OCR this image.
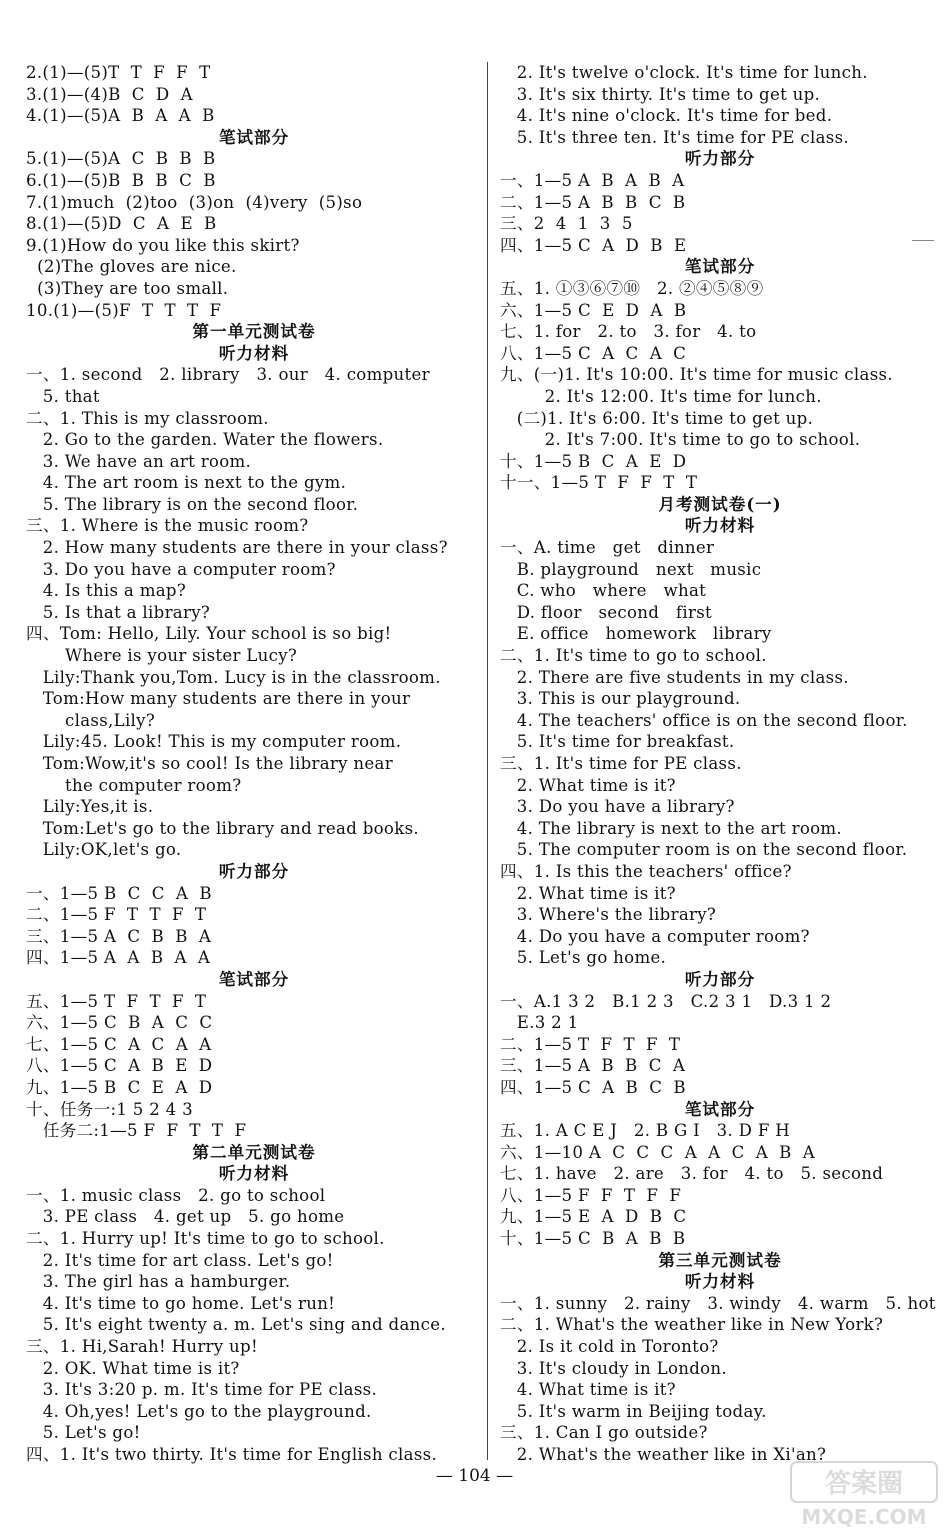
2.(1)—(5)T  T  F  F  T
3.(1)—(4)B  C  D  A
4.(1)—(5)A  B  A  A  B
笔试部分
5.(1)—(5)A  C  B  B  B
6.(1)—(5)B  B  B  C  B
7.(1)much  (2)too  (3)on  (4)very  (5)so
8.(1)—(5)D  C  A  E  B
9.(1)How do you like this skirt?
(2)The gloves are nice.
(3)They are too small.
10.(1)—(5)F  T  T  T  F
第一单元测试卷
听力材料
一、1. second   2. library   3. our   4. computer
5. that
二、1. This is my classroom.
2. Go to the garden. Water the flowers.
3. We have an art room.
4. The art room is next to the gym.
5. The library is on the second floor.
三、1. Where is the music room?
2. How many students are there in your class?
3. Do you have a computer room?
4. Is this a map?
5. Is that a library?
四、Tom: Hello, Lily. Your school is so big!
Where is your sister Lucy?
Lily:Thank you,Tom. Lucy is in the classroom.
Tom:How many students are there in your
class,Lily?
Lily:45. Look! This is my computer room.
Tom:Wow,it's so cool! Is the library near
the computer room?
Lily:Yes,it is.
Tom:Let's go to the library and read books.
Lily:OK,let's go.
听力部分
一、1—5 B  C  C  A  B
二、1—5 F  T  T  F  T
三、1—5 A  C  B  B  A
四、1—5 A  A  B  A  A
笔试部分
五、1—5 T  F  T  F  T
六、1—5 C  B  A  C  C
七、1—5 C  A  C  A  A
八、1—5 C  A  B  E  D
九、1—5 B  C  E  A  D
十、任务一:1 5 2 4 3
任务二:1—5 F  F  T  T  F
第二单元测试卷
听力材料
一、1. music class   2. go to school
3. PE class   4. get up   5. go home
二、1. Hurry up! It's time to go to school.
2. It's time for art class. Let's go!
3. The girl has a hamburger.
4. It's time to go home. Let's run!
5. It's eight twenty a. m. Let's sing and dance.
三、1. Hi,Sarah! Hurry up!
2. OK. What time is it?
3. It's 3:20 p. m. It's time for PE class.
4. Oh,yes! Let's go to the playground.
5. Let's go!
四、1. It's two thirty. It's time for English class.
2. It's twelve o'clock. It's time for lunch.
3. It's six thirty. It's time to get up.
4. It's nine o'clock. It's time for bed.
5. It's three ten. It's time for PE class.
听力部分
一、1—5 A  B  A  B  A
二、1—5 A  B  B  C  B
三、2  4  1  3  5
四、1—5 C  A  D  B  E
笔试部分
五、1. ①③⑥⑦⑩   2. ②④⑤⑧⑨
六、1—5 C  E  D  A  B
七、1. for   2. to   3. for   4. to
八、1—5 C  A  C  A  C
九、(一)1. It's 10:00. It's time for music class.
2. It's 12:00. It's time for lunch.
(二)1. It's 6:00. It's time to get up.
2. It's 7:00. It's time to go to school.
十、1—5 B  C  A  E  D
十一、1—5 T  F  F  T  T
月考测试卷(一)
听力材料
一、A. time   get   dinner
B. playground   next   music
C. who   where   what
D. floor   second   first
E. office   homework   library
二、1. It's time to go to school.
2. There are five students in my class.
3. This is our playground.
4. The teachers' office is on the second floor.
5. It's time for breakfast.
三、1. It's time for PE class.
2. What time is it?
3. Do you have a library?
4. The library is next to the art room.
5. The computer room is on the second floor.
四、1. Is this the teachers' office?
2. What time is it?
3. Where's the library?
4. Do you have a computer room?
5. Let's go home.
听力部分
一、A.1 3 2   B.1 2 3   C.2 3 1   D.3 1 2
E.3 2 1
二、1—5 T  F  T  F  T
三、1—5 A  B  B  C  A
四、1—5 C  A  B  C  B
笔试部分
五、1. A C E J   2. B G I   3. D F H
六、1—10 A  C  C  C  A  A  C  A  B  A
七、1. have   2. are   3. for   4. to   5. second
八、1—5 F  F  T  F  F
九、1—5 E  A  D  B  C
十、1—5 C  B  A  B  B
第三单元测试卷
听力材料
一、1. sunny   2. rainy   3. windy   4. warm   5. hot
二、1. What's the weather like in New York?
2. Is it cold in Toronto?
3. It's cloudy in London.
4. What time is it?
5. It's warm in Beijing today.
三、1. Can I go outside?
2. What's the weather like in Xi'an?
— 104 —	答案圈
MXQE.COM
